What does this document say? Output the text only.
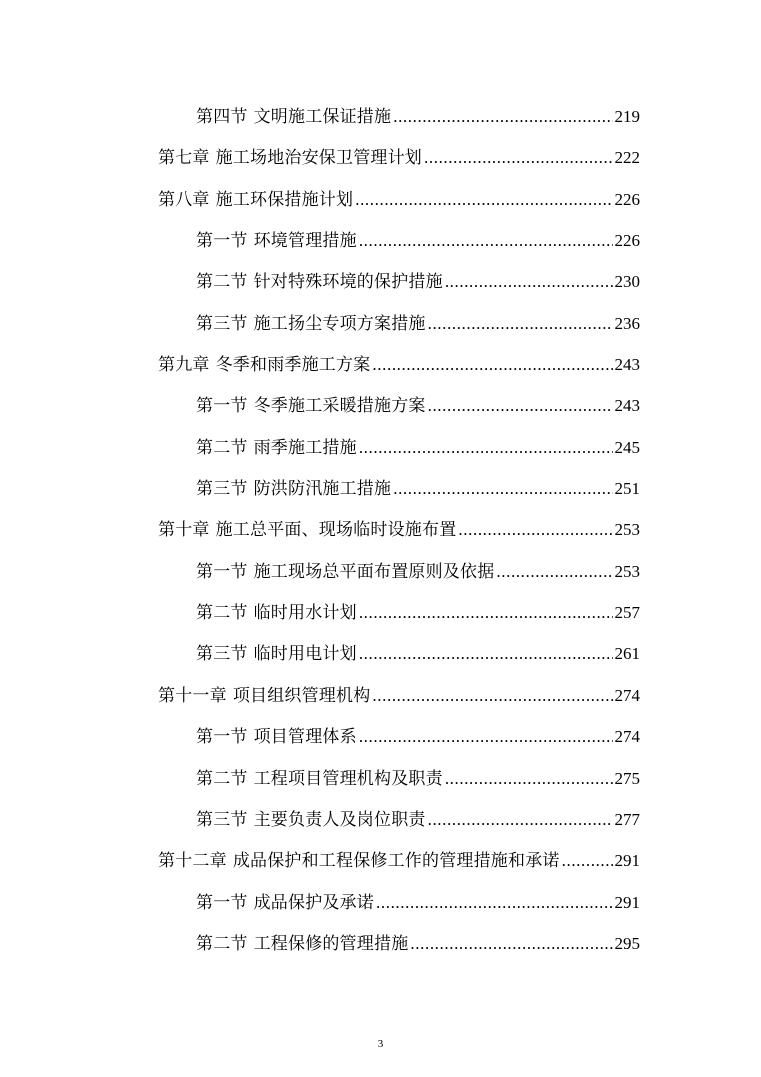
第四节 文明施工保证措施 .....	219
第七章 施工场地治安保卫管理计划 .....	222
第八章 施工环保措施计划 .....	226
第一节 环境管理措施 .....	226
第二节 针对特殊环境的保护措施 .....	230
第三节 施工扬尘专项方案措施 .....	236
第九章 冬季和雨季施工方案 .....	243
第一节 冬季施工采暖措施方案 .....	243
第二节 雨季施工措施 .....	245
第三节 防洪防汛施工措施 .....	251
第十章 施工总平面、现场临时设施布置 .....	253
第一节 施工现场总平面布置原则及依据 .....	253
第二节 临时用水计划 .....	257
第三节 临时用电计划 .....	261
第十一章 项目组织管理机构 .....	274
第一节 项目管理体系 .....	274
第二节 工程项目管理机构及职责 .....	275
第三节 主要负责人及岗位职责 .....	277
第十二章 成品保护和工程保修工作的管理措施和承诺 .....	291
第一节 成品保护及承诺 .....	291
第二节 工程保修的管理措施 .....	295
3
